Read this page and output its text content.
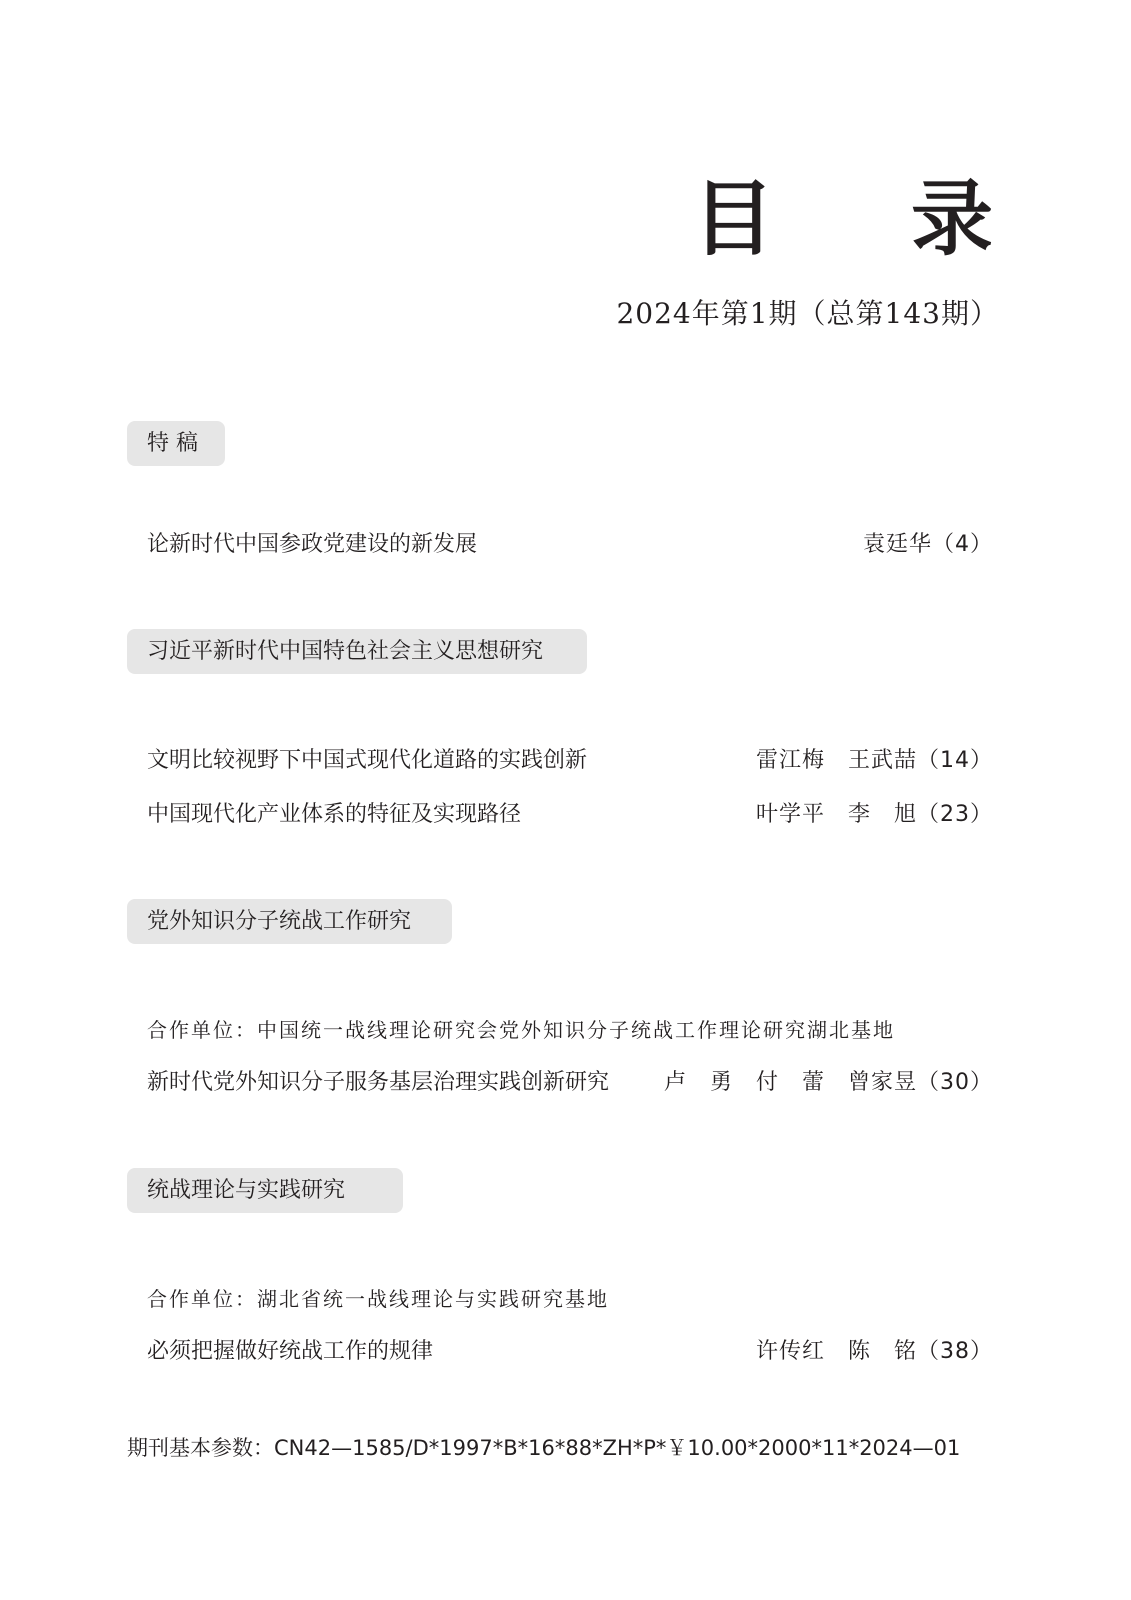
目 录
2024年第1期（总第143期）
特 稿
论新时代中国参政党建设的新发展	袁廷华（4）
习近平新时代中国特色社会主义思想研究
文明比较视野下中国式现代化道路的实践创新	雷江梅　王武喆（14）
中国现代化产业体系的特征及实现路径	叶学平　李　旭（23）
党外知识分子统战工作研究
合作单位：中国统一战线理论研究会党外知识分子统战工作理论研究湖北基地
新时代党外知识分子服务基层治理实践创新研究 卢　勇　付　蕾　曾家昱（30）
统战理论与实践研究
合作单位：湖北省统一战线理论与实践研究基地
必须把握做好统战工作的规律	许传红　陈　铭（38）
期刊基本参数：CN42—1585/D*1997*B*16*88*ZH*P*￥10.00*2000*11*2024—01
